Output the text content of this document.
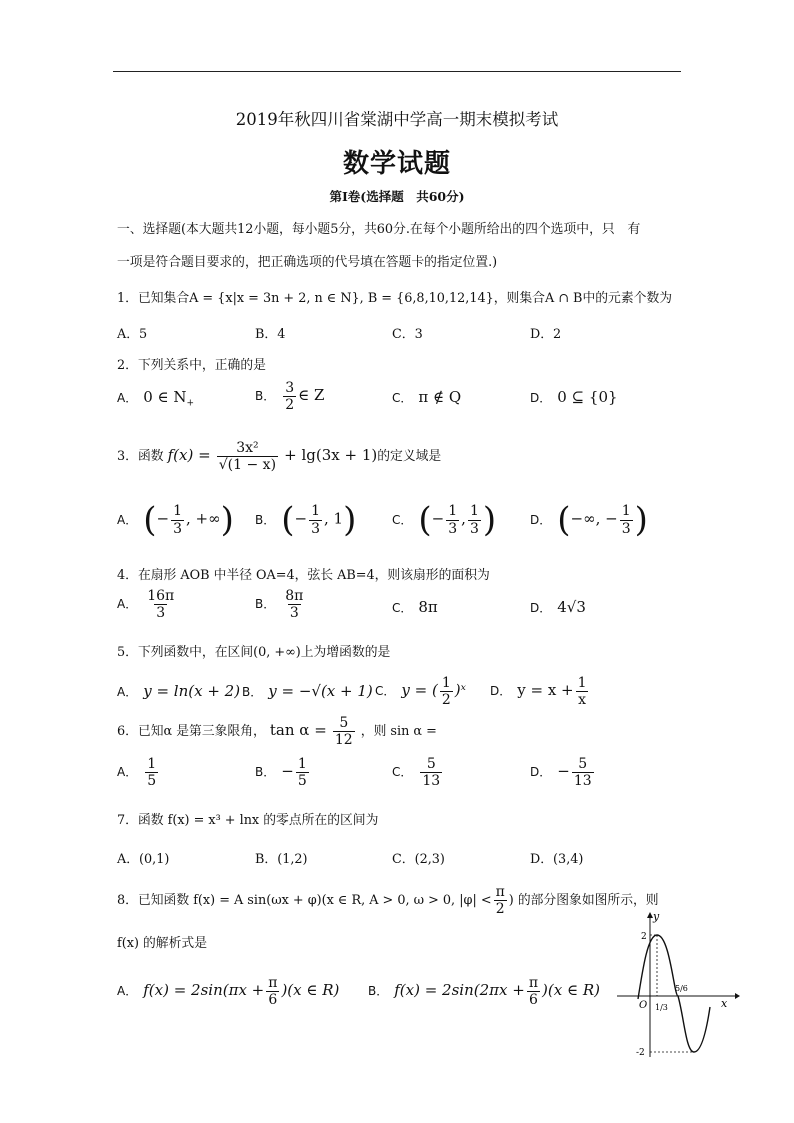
2019年秋四川省棠湖中学高一期末模拟考试
数学试题
第Ⅰ卷(选择题　共60分)
一、选择题(本大题共12小题，每小题5分，共60分.在每个小题所给出的四个选项中，只　有
一项是符合题目要求的，把正确选项的代号填在答题卡的指定位置.)
1．已知集合A = {x|x = 3n + 2, n ∈ N}, B = {6,8,10,12,14}，则集合A ∩ B中的元素个数为
A．5	B．4	C．3	D．2
2．下列关系中，正确的是
A． 0 ∈ $N_+$
B． $\frac{3}{2}$ ∈ Z	C． π ∉ Q	D． 0 ⊆ {0}
3．函数 $f(x) = \frac{\text{3x²}}{√(1 - x)} + \lg(3x + 1)$的定义域是
A． (− $\frac{1}{3}$ , +∞) B． (− $\frac{1}{3}$ , 1)	C． (− $\frac{1}{3}$ , $\frac{1}{3}$ )	D． (−∞, − $\frac{1}{3}$ )
4．在扇形 AOB 中半径 OA=4，弦长 AB=4，则该扇形的面积为
A． $\frac{16\pi}{3}$	B． $\frac{8\pi}{3}$	C． 8π	D． 4√3
5．下列函数中，在区间(0, +∞)上为增函数的是
A． y = ln(x + 2) B． y = −√(x + 1) C． y = ( $\frac{1}{2}$ )ˣ D． $y = x + \frac{1}{x}$
6．已知α 是第三象限角， $\tan \alpha = \frac{5}{12}$ ，则 sin α =
A． $\frac{1}{5}$	B． − $\frac{1}{5}$	C． $\frac{5}{13}$	D． − $\frac{5}{13}$
7．函数 f(x) = x³ + lnx 的零点所在的区间为
A．(0,1)	B．(1,2)	C．(2,3)	D．(3,4)
8．已知函数 f(x) = A sin(ωx + φ)(x ∈ R, A > 0, ω > 0, $|\varphi| < \frac{\pi}{2}$ ) 的部分图象如图所示，则
f(x) 的解析式是
A． $f(x) = 2\sin(\pi x + \frac{\pi}{6} )(x$ ∈ R) B． $f(x) = 2\sin(2\pi x + \frac{\pi}{6} )(x$ ∈ R)
y
x
O
2
-2
1/3
5/6
